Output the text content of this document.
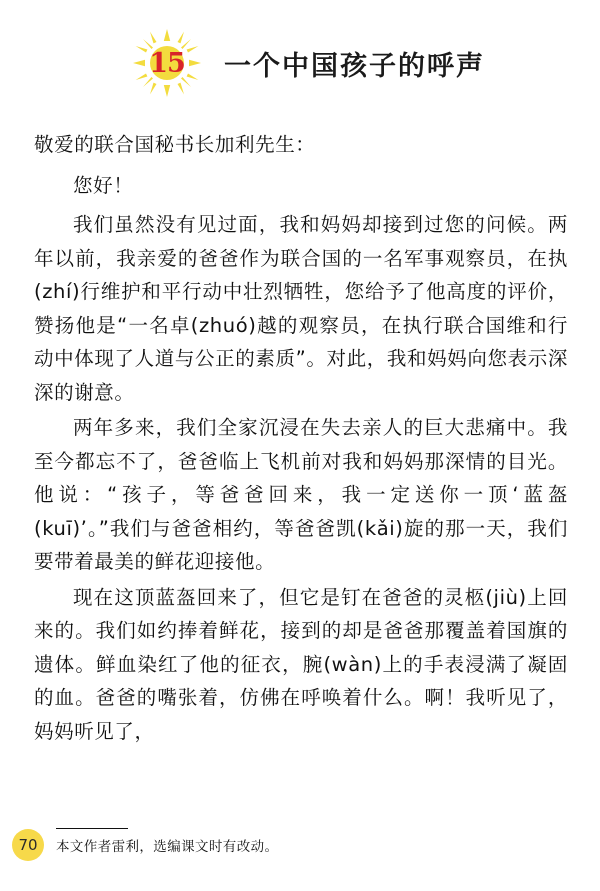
15	一个中国孩子的呼声

敬爱的联合国秘书长加利先生：

您好！

我们虽然没有见过面，我和妈妈却接到过您的问候。两年以前，我亲爱的爸爸作为联合国的一名军事观察员，在执(zhí)行维护和平行动中壮烈牺牲，您给予了他高度的评价，赞扬他是“一名卓(zhuó)越的观察员，在执行联合国维和行动中体现了人道与公正的素质”。对此，我和妈妈向您表示深深的谢意。

两年多来，我们全家沉浸在失去亲人的巨大悲痛中。我至今都忘不了，爸爸临上飞机前对我和妈妈那深情的目光。他说：“孩子，等爸爸回来，我一定送你一顶‘蓝盔(kuī)’。”我们与爸爸相约，等爸爸凯(kǎi)旋的那一天，我们要带着最美的鲜花迎接他。

现在这顶蓝盔回来了，但它是钉在爸爸的灵柩(jiù)上回来的。我们如约捧着鲜花，接到的却是爸爸那覆盖着国旗的遗体。鲜血染红了他的征衣，腕(wàn)上的手表浸满了凝固的血。爸爸的嘴张着，仿佛在呼唤着什么。啊！我听见了，妈妈听见了，

70	本文作者雷利，选编课文时有改动。
